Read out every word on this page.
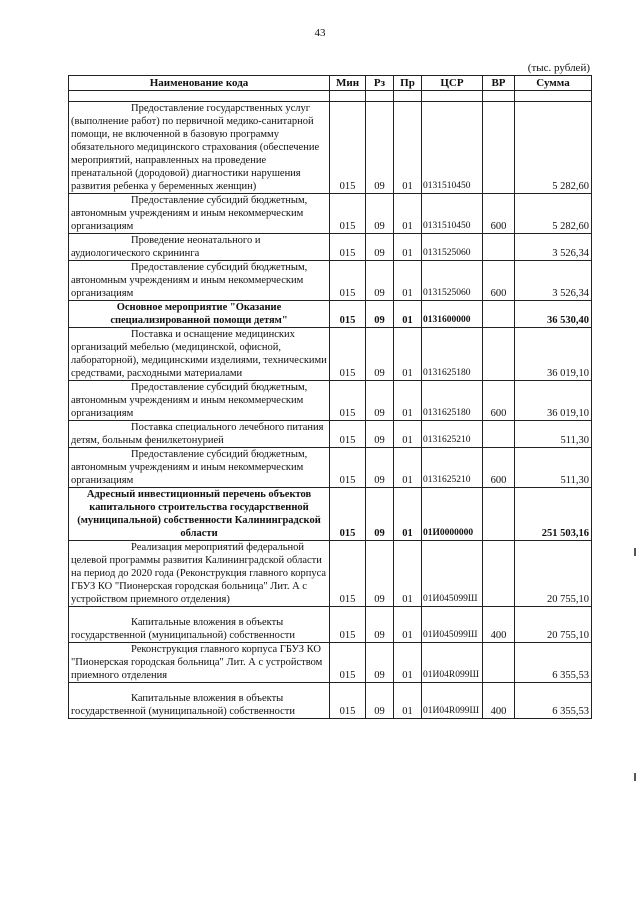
43
(тыс. рублей)
Наименование кода	Мин	Рз	Пр	ЦСР	ВР	Сумма

Предоставление государственных услуг (выполнение работ) по первичной медико-санитарной помощи, не включенной в базовую программу обязательного медицинского страхования (обеспечение мероприятий, направленных на проведение пренатальной (дородовой) диагностики нарушения развития ребенка у беременных женщин)	015	09	01	0131510450		5 282,60
Предоставление субсидий бюджетным, автономным учреждениям и иным некоммерческим организациям	015	09	01	0131510450	600	5 282,60
Проведение неонатального и аудиологического скрининга	015	09	01	0131525060		3 526,34
Предоставление субсидий бюджетным, автономным учреждениям и иным некоммерческим организациям	015	09	01	0131525060	600	3 526,34
Основное мероприятие "Оказание специализированной помощи детям"	015	09	01	0131600000		36 530,40
Поставка и оснащение медицинских организаций мебелью (медицинской, офисной, лабораторной), медицинскими изделиями, техническими средствами, расходными материалами	015	09	01	0131625180		36 019,10
Предоставление субсидий бюджетным, автономным учреждениям и иным некоммерческим организациям	015	09	01	0131625180	600	36 019,10
Поставка специального лечебного питания детям, больным фенилкетонурией	015	09	01	0131625210		511,30
Предоставление субсидий бюджетным, автономным учреждениям и иным некоммерческим организациям	015	09	01	0131625210	600	511,30
Адресный инвестиционный перечень объектов капитального строительства государственной (муниципальной) собственности Калининградской области	015	09	01	01И0000000		251 503,16
Реализация мероприятий федеральной целевой программы развития Калининградской области на период до 2020 года (Реконструкция главного корпуса ГБУЗ КО "Пионерская городская больница" Лит. А с устройством приемного отделения)	015	09	01	01И045099Ш		20 755,10
Капитальные вложения в объекты государственной (муниципальной) собственности	015	09	01	01И045099Ш	400	20 755,10
Реконструкция главного корпуса ГБУЗ КО "Пионерская городская больница" Лит. А с устройством приемного отделения	015	09	01	01И04R099Ш		6 355,53
Капитальные вложения в объекты государственной (муниципальной) собственности	015	09	01	01И04R099Ш	400	6 355,53
